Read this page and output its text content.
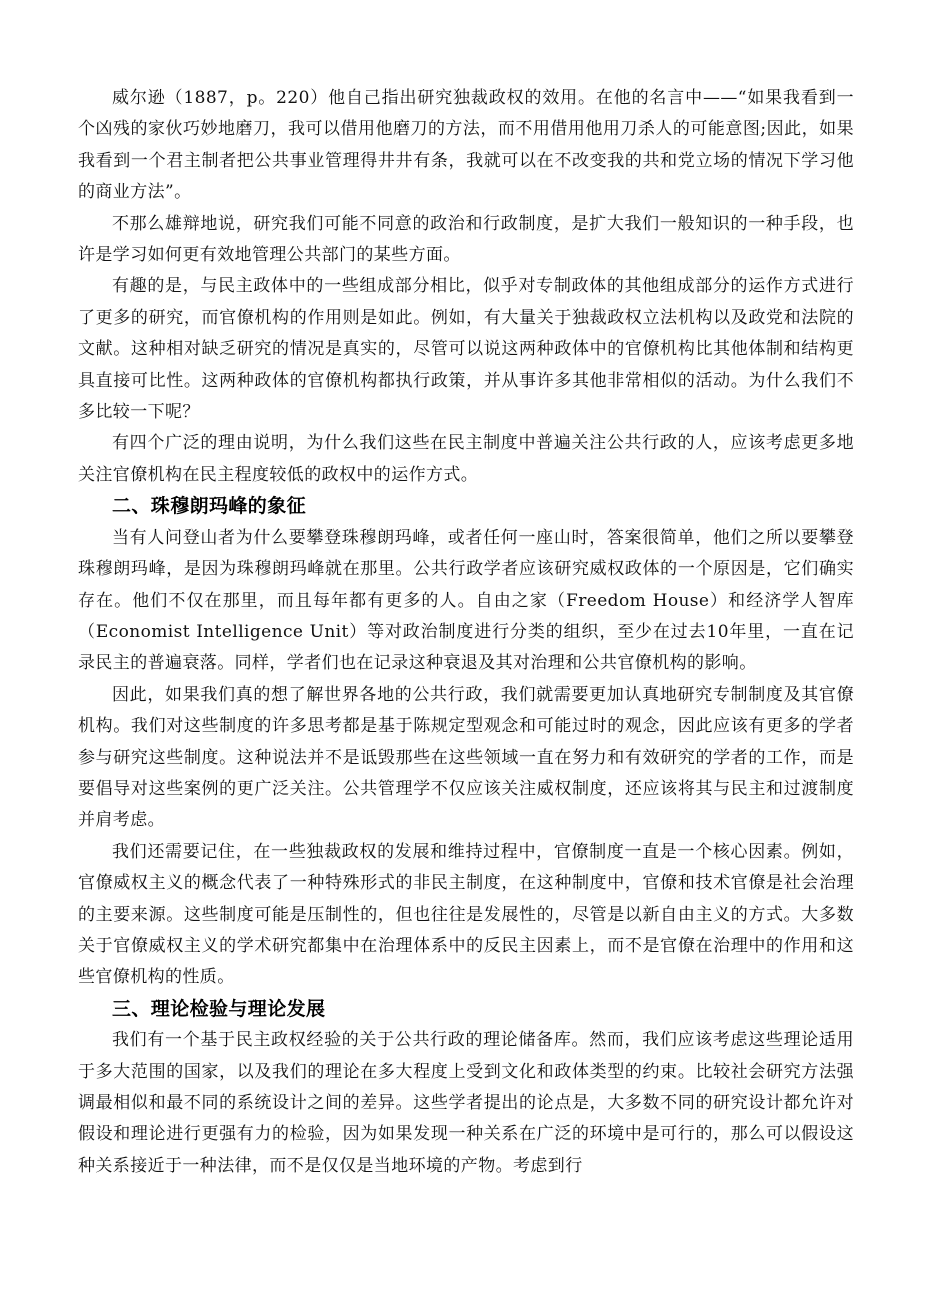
威尔逊（1887，p。220）他自己指出研究独裁政权的效用。在他的名言中——“如果我看到一个凶残的家伙巧妙地磨刀，我可以借用他磨刀的方法，而不用借用他用刀杀人的可能意图;因此，如果我看到一个君主制者把公共事业管理得井井有条，我就可以在不改变我的共和党立场的情况下学习他的商业方法”。

不那么雄辩地说，研究我们可能不同意的政治和行政制度，是扩大我们一般知识的一种手段，也许是学习如何更有效地管理公共部门的某些方面。

有趣的是，与民主政体中的一些组成部分相比，似乎对专制政体的其他组成部分的运作方式进行了更多的研究，而官僚机构的作用则是如此。例如，有大量关于独裁政权立法机构以及政党和法院的文献。这种相对缺乏研究的情况是真实的，尽管可以说这两种政体中的官僚机构比其他体制和结构更具直接可比性。这两种政体的官僚机构都执行政策，并从事许多其他非常相似的活动。为什么我们不多比较一下呢？

有四个广泛的理由说明，为什么我们这些在民主制度中普遍关注公共行政的人，应该考虑更多地关注官僚机构在民主程度较低的政权中的运作方式。

二、珠穆朗玛峰的象征

当有人问登山者为什么要攀登珠穆朗玛峰，或者任何一座山时，答案很简单，他们之所以要攀登珠穆朗玛峰，是因为珠穆朗玛峰就在那里。公共行政学者应该研究威权政体的一个原因是，它们确实存在。他们不仅在那里，而且每年都有更多的人。自由之家（Freedom House）和经济学人智库（Economist Intelligence Unit）等对政治制度进行分类的组织，至少在过去10年里，一直在记录民主的普遍衰落。同样，学者们也在记录这种衰退及其对治理和公共官僚机构的影响。

因此，如果我们真的想了解世界各地的公共行政，我们就需要更加认真地研究专制制度及其官僚机构。我们对这些制度的许多思考都是基于陈规定型观念和可能过时的观念，因此应该有更多的学者参与研究这些制度。这种说法并不是诋毁那些在这些领域一直在努力和有效研究的学者的工作，而是要倡导对这些案例的更广泛关注。公共管理学不仅应该关注威权制度，还应该将其与民主和过渡制度并肩考虑。

我们还需要记住，在一些独裁政权的发展和维持过程中，官僚制度一直是一个核心因素。例如，官僚威权主义的概念代表了一种特殊形式的非民主制度，在这种制度中，官僚和技术官僚是社会治理的主要来源。这些制度可能是压制性的，但也往往是发展性的，尽管是以新自由主义的方式。大多数关于官僚威权主义的学术研究都集中在治理体系中的反民主因素上，而不是官僚在治理中的作用和这些官僚机构的性质。

三、理论检验与理论发展

我们有一个基于民主政权经验的关于公共行政的理论储备库。然而，我们应该考虑这些理论适用于多大范围的国家，以及我们的理论在多大程度上受到文化和政体类型的约束。比较社会研究方法强调最相似和最不同的系统设计之间的差异。这些学者提出的论点是，大多数不同的研究设计都允许对假设和理论进行更强有力的检验，因为如果发现一种关系在广泛的环境中是可行的，那么可以假设这种关系接近于一种法律，而不是仅仅是当地环境的产物。考虑到行
